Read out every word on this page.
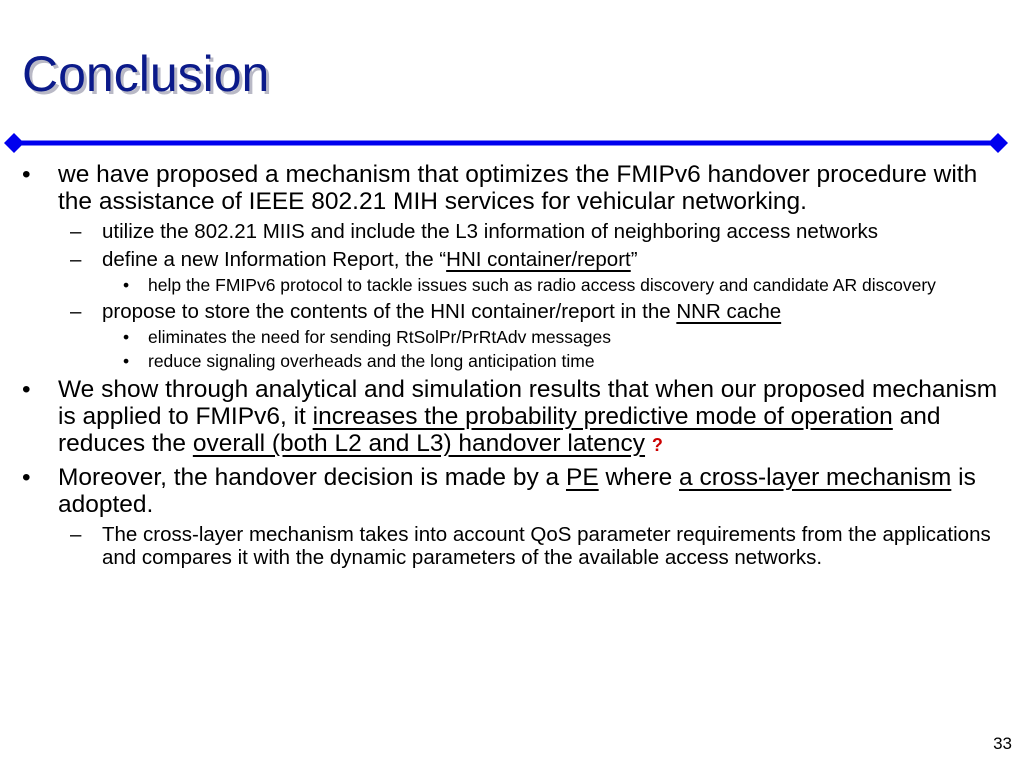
Conclusion
• we have proposed a mechanism that optimizes the FMIPv6 handover procedure with the assistance of IEEE 802.21 MIH services for vehicular networking.
– utilize the 802.21 MIIS and include the L3 information of neighboring access networks
– define a new Information Report, the “HNI container/report”
• help the FMIPv6 protocol to tackle issues such as radio access discovery and candidate AR discovery
– propose to store the contents of the HNI container/report in the NNR cache
• eliminates the need for sending RtSolPr/PrRtAdv messages
• reduce signaling overheads and the long anticipation time
• We show through analytical and simulation results that when our proposed mechanism is applied to FMIPv6, it increases the probability predictive mode of operation and reduces the overall (both L2 and L3) handover latency ?
• Moreover, the handover decision is made by a PE where a cross-layer mechanism is adopted.
– The cross-layer mechanism takes into account QoS parameter requirements from the applications and compares it with the dynamic parameters of the available access networks.
33
